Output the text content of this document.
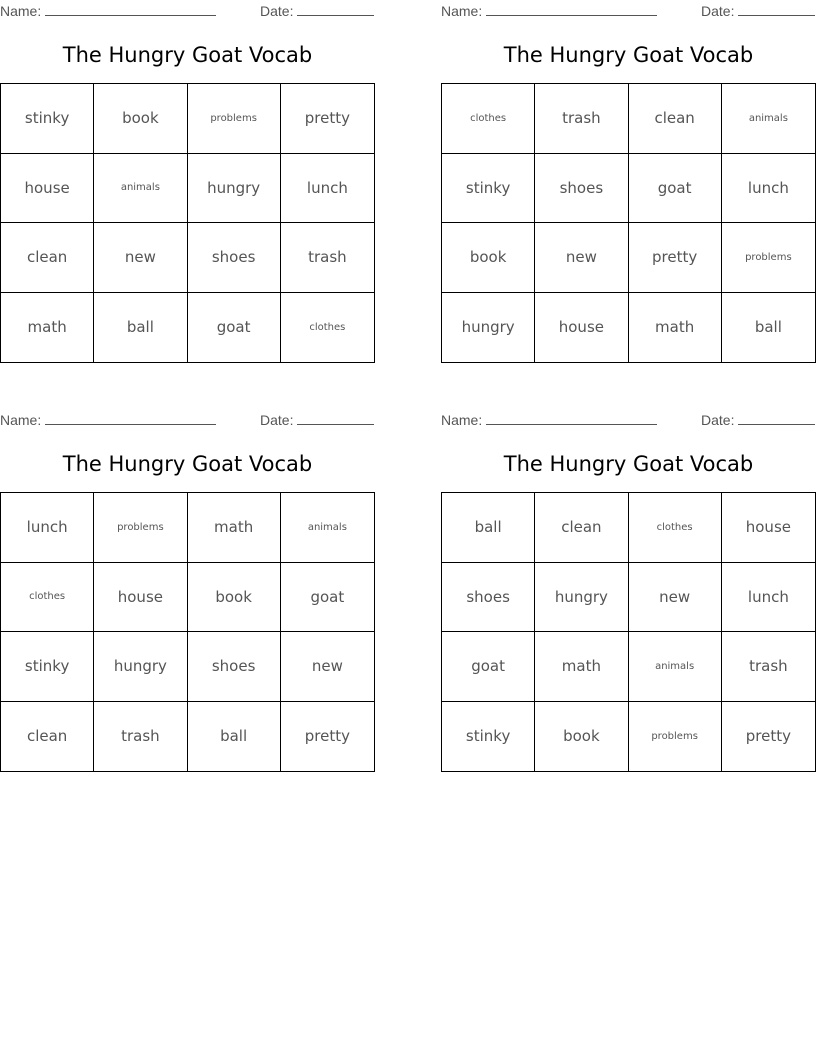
Name:	Date:
The Hungry Goat Vocab
stinky	book	problems	pretty
house	animals	hungry	lunch
clean	new	shoes	trash
math	ball	goat	clothes
Name:	Date:
The Hungry Goat Vocab
clothes	trash	clean	animals
stinky	shoes	goat	lunch
book	new	pretty	problems
hungry	house	math	ball
Name:	Date:
The Hungry Goat Vocab
lunch	problems	math	animals
clothes	house	book	goat
stinky	hungry	shoes	new
clean	trash	ball	pretty
Name:	Date:
The Hungry Goat Vocab
ball	clean	clothes	house
shoes	hungry	new	lunch
goat	math	animals	trash
stinky	book	problems	pretty
